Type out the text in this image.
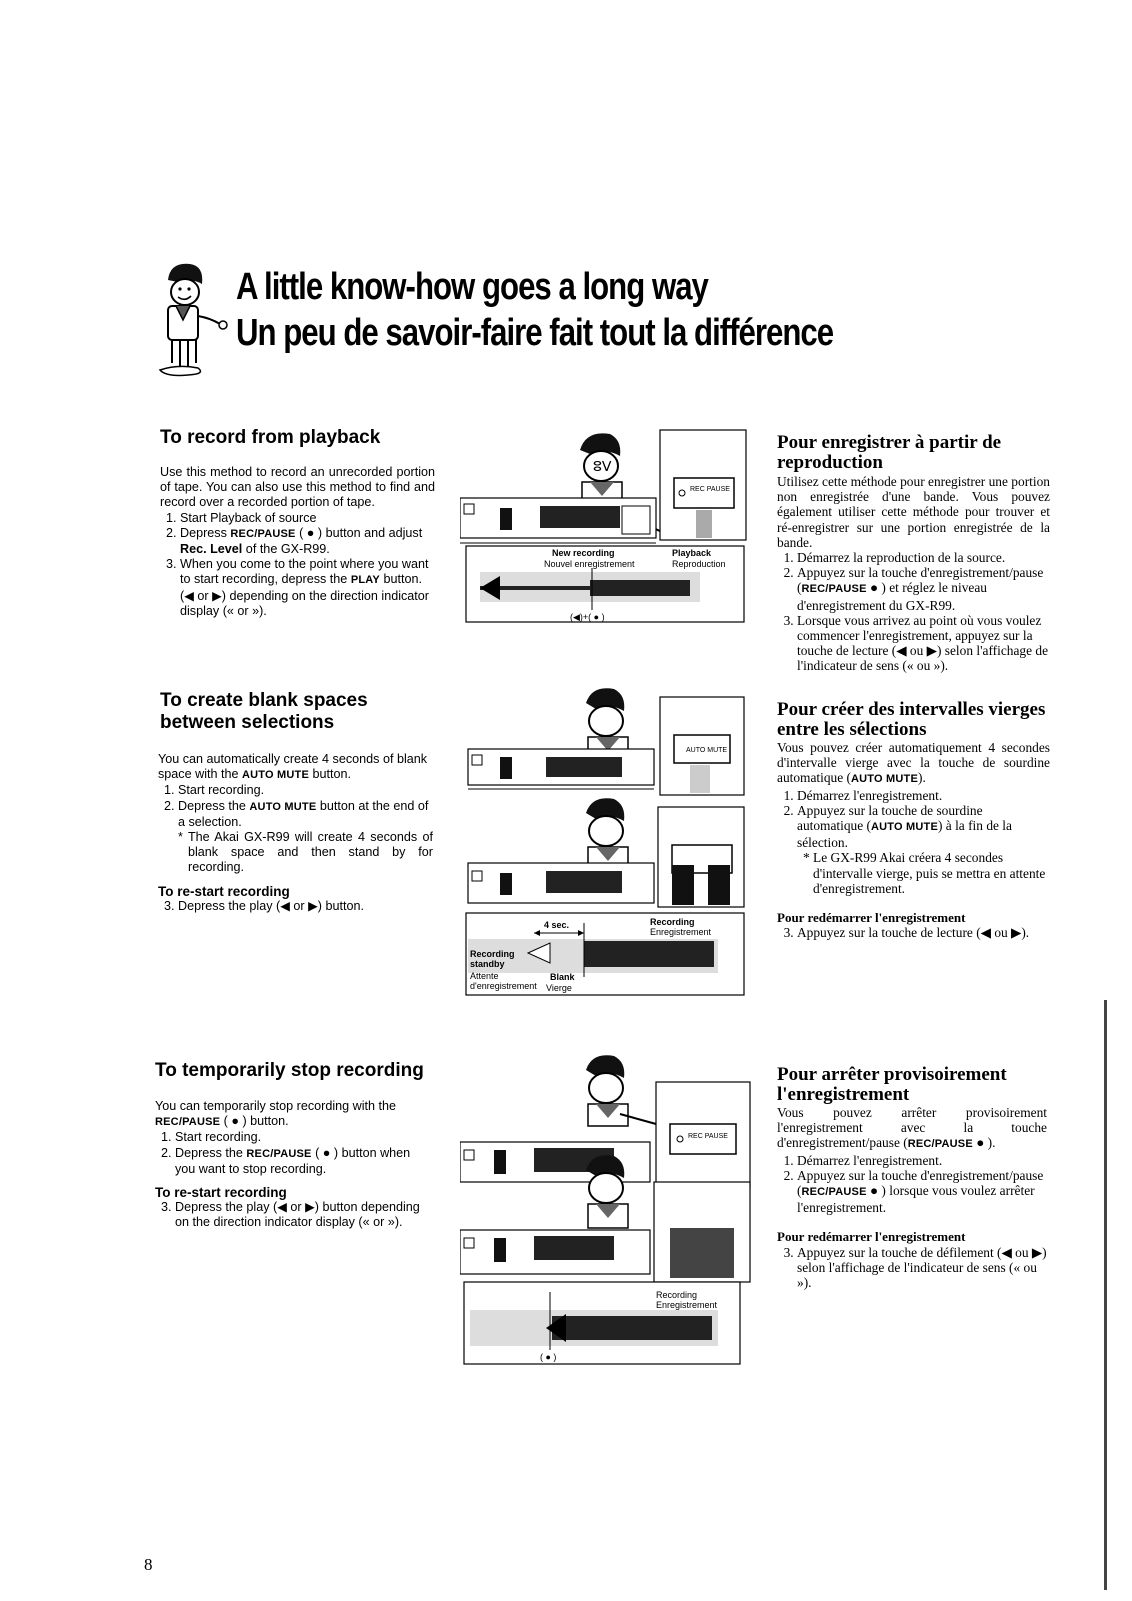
A little know-how goes a long way
Un peu de savoir-faire fait tout la différence
To record from playback

Use this method to record an unrecorded portion of tape. You can also use this method to find and record over a recorded portion of tape.

1. Start Playback of source
2. Depress REC/PAUSE ( ● ) button and adjust Rec. Level of the GX-R99.
3. When you come to the point where you want to start recording, depress the PLAY button. (◀ or ▶) depending on the direction indicator display (« or »).
ⵓⴸ
REC PAUSE
New recording
Nouvel enregistrement
Playback
Reproduction
(◀)+( ● )
Pour enregistrer à partir de reproduction

Utilisez cette méthode pour enregistrer une portion non enregistrée d'une bande. Vous pouvez également utiliser cette méthode pour trouver et ré-enregistrer sur une portion enregistrée de la bande.

1. Démarrez la reproduction de la source.
2. Appuyez sur la touche d'enregistrement/pause (REC/PAUSE ● ) et réglez le niveau d'enregistrement du GX-R99.
3. Lorsque vous arrivez au point où vous voulez commencer l'enregistrement, appuyez sur la touche de lecture (◀ ou ▶) selon l'affichage de l'indicateur de sens (« ou »).
To create blank spaces
between selections

You can automatically create 4 seconds of blank space with the AUTO MUTE button.

1. Start recording.
2. Depress the AUTO MUTE button at the end of a selection.

* The Akai GX-R99 will create 4 seconds of blank space and then stand by for recording.

To re-start recording
3. Depress the play (◀ or ▶) button.
AUTO MUTE
4 sec.	Recording
Enregistrement
Recording
standby
Attente
d'enregistrement
Blank
Vierge
Pour créer des intervalles vierges entre les sélections

Vous pouvez créer automatiquement 4 secondes d'intervalle vierge avec la touche de sourdine automatique (AUTO MUTE).

1. Démarrez l'enregistrement.
2. Appuyez sur la touche de sourdine automatique (AUTO MUTE) à la fin de la sélection.

* Le GX-R99 Akai créera 4 secondes d'intervalle vierge, puis se mettra en attente d'enregistrement.

Pour redémarrer l'enregistrement
3. Appuyez sur la touche de lecture (◀ ou ▶).
To temporarily stop recording

You can temporarily stop recording with the REC/PAUSE ( ● ) button.

1. Start recording.
2. Depress the REC/PAUSE ( ● ) button when you want to stop recording.
To re-start recording
3. Depress the play (◀ or ▶) button depending on the direction indicator display (« or »).
REC PAUSE
Recording
Enregistrement
( ● )
Pour arrêter provisoirement l'enregistrement

Vous pouvez arrêter provisoirement l'enregistrement avec la touche d'enregistrement/pause (REC/PAUSE ● ).

1. Démarrez l'enregistrement.
2. Appuyez sur la touche d'enregistrement/pause (REC/PAUSE ● ) lorsque vous voulez arrêter l'enregistrement.
Pour redémarrer l'enregistrement
3. Appuyez sur la touche de défilement (◀ ou ▶) selon l'affichage de l'indicateur de sens (« ou »).
8
